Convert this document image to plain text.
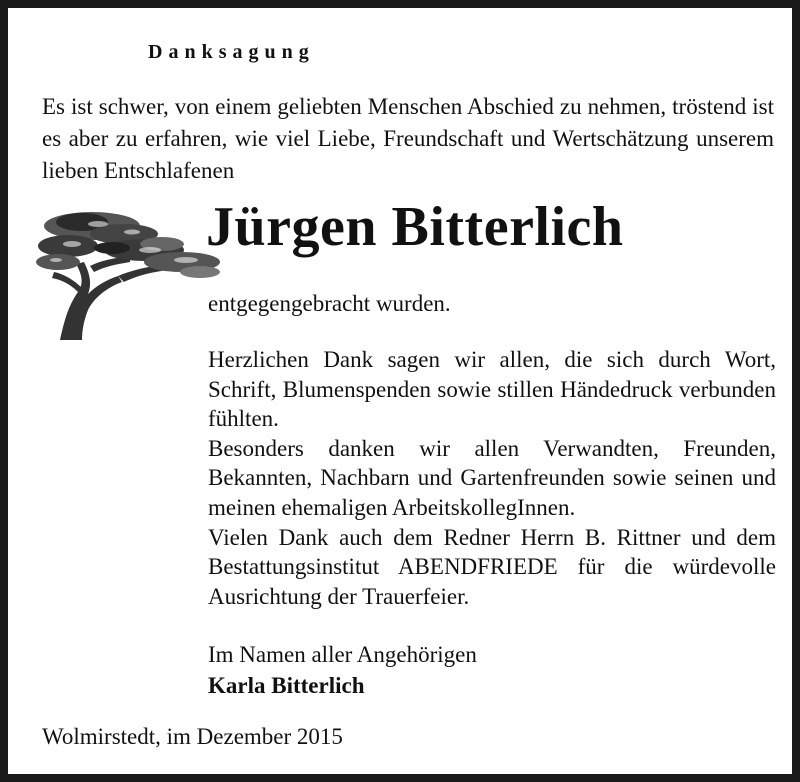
Danksagung
Es ist schwer, von einem geliebten Menschen Abschied zu nehmen, tröstend ist es aber zu erfahren, wie viel Liebe, Freundschaft und Wertschätzung unserem lieben Entschlafenen
Jürgen Bitterlich
entgegengebracht wurden.

Herzlichen Dank sagen wir allen, die sich durch Wort, Schrift, Blumenspenden sowie stillen Händedruck verbunden fühlten.

Besonders danken wir allen Verwandten, Freunden, Bekannten, Nachbarn und Gartenfreunden sowie seinen und meinen ehemaligen ArbeitskollegInnen.

Vielen Dank auch dem Redner Herrn B. Rittner und dem Bestattungsinstitut ABENDFRIEDE für die würdevolle Ausrichtung der Trauerfeier.

Im Namen aller Angehörigen
Karla Bitterlich
Wolmirstedt, im Dezember 2015
